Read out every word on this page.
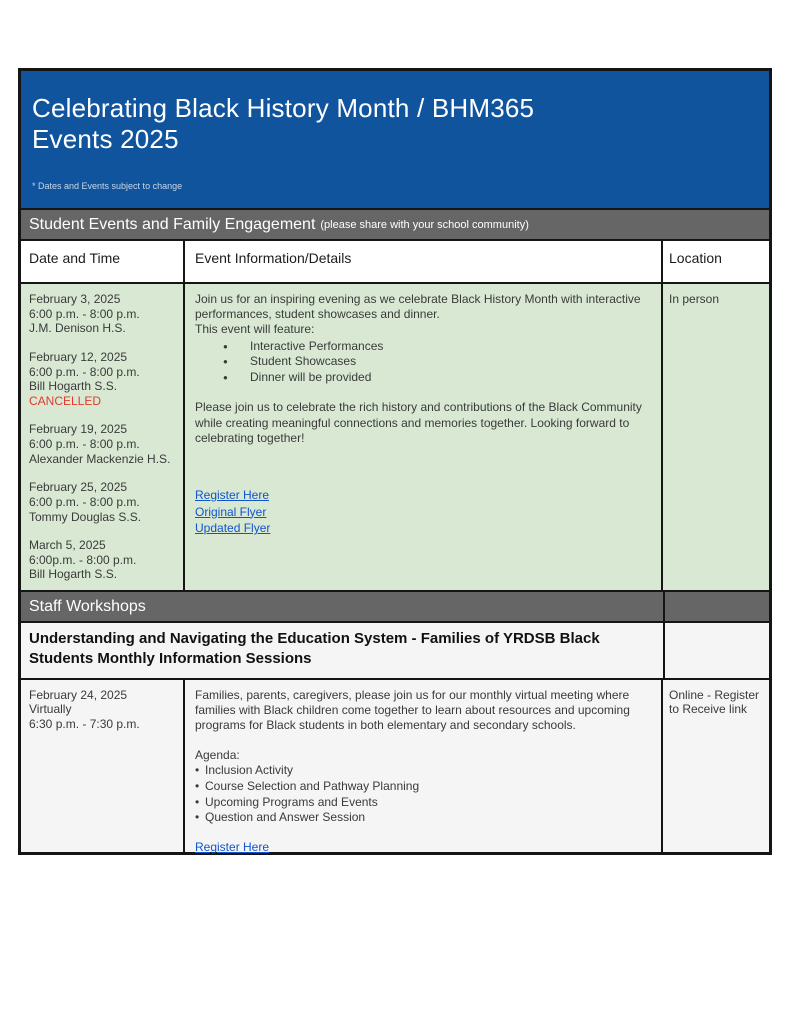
Celebrating Black History Month / BHM365
Events 2025
* Dates and Events subject to change
Student Events and Family Engagement (please share with your school community)
Date and Time	Event Information/Details	Location
February 3, 2025
6:00 p.m. - 8:00 p.m.
J.M. Denison H.S.
February 12, 2025
6:00 p.m. - 8:00 p.m.
Bill Hogarth S.S.
CANCELLED
February 19, 2025
6:00 p.m. - 8:00 p.m.
Alexander Mackenzie H.S.
February 25, 2025
6:00 p.m. - 8:00 p.m.
Tommy Douglas S.S.
March 5, 2025
6:00p.m. - 8:00 p.m.
Bill Hogarth S.S.

Join us for an inspiring evening as we celebrate Black History Month with interactive performances, student showcases and dinner.

This event will feature:

● Interactive Performances
● Student Showcases
● Dinner will be provided

Please join us to celebrate the rich history and contributions of the Black Community while creating meaningful connections and memories together. Looking forward to celebrating together!

Register Here
Original Flyer
Updated Flyer
In person
Staff Workshops
Understanding and Navigating the Education System - Families of YRDSB Black Students Monthly Information Sessions
February 24, 2025
Virtually
6:30 p.m. - 7:30 p.m.

Families, parents, caregivers, please join us for our monthly virtual meeting where families with Black children come together to learn about resources and upcoming programs for Black students in both elementary and secondary schools.

Agenda:

• Inclusion Activity
• Course Selection and Pathway Planning
• Upcoming Programs and Events
• Question and Answer Session
Register Here
Online - Register to Receive link
